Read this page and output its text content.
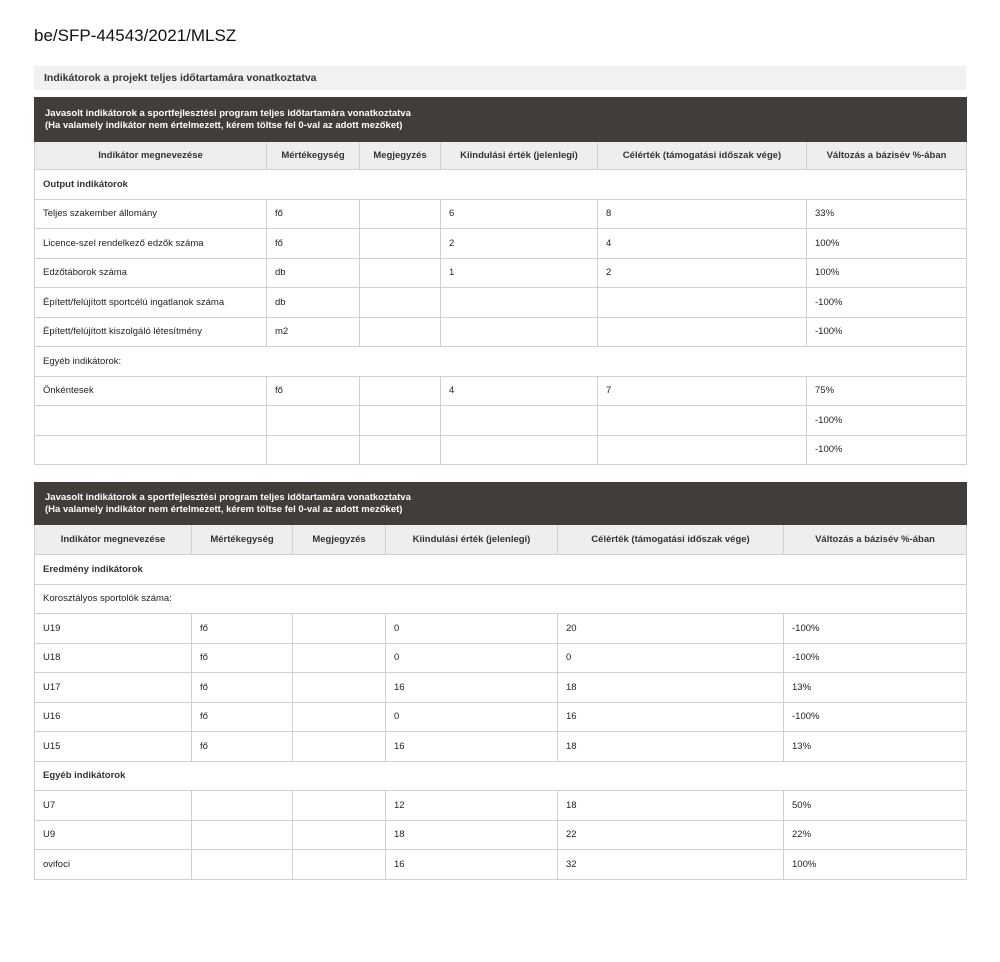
be/SFP-44543/2021/MLSZ
Indikátorok a projekt teljes időtartamára vonatkoztatva
Javasolt indikátorok a sportfejlesztési program teljes időtartamára vonatkoztatva
(Ha valamely indikátor nem értelmezett, kérem töltse fel 0-val az adott mezőket)					

Indikátor megnevezése	Mértékegység	Megjegyzés	Kiindulási érték (jelenlegi)	Célérték (támogatási időszak vége)	Változás a bázisév %-ában
Output indikátorok					
Teljes szakember állomány	fő		6	8	33%
Licence-szel rendelkező edzők száma	fő		2	4	100%
Edzőtáborok száma	db		1	2	100%
Épített/felújított sportcélú ingatlanok száma	db				-100%
Épített/felújított kiszolgáló létesítmény	m2				-100%
Egyéb indikátorok:					
Önkéntesek	fő		4	7	75%
					-100%
					-100%
Javasolt indikátorok a sportfejlesztési program teljes időtartamára vonatkoztatva
(Ha valamely indikátor nem értelmezett, kérem töltse fel 0-val az adott mezőket)					

Indikátor megnevezése	Mértékegység	Megjegyzés	Kiindulási érték (jelenlegi)	Célérték (támogatási időszak vége)	Változás a bázisév %-ában
Eredmény indikátorok					
Korosztályos sportolók száma:					
U19	fő		0	20	-100%
U18	fő		0	0	-100%
U17	fő		16	18	13%
U16	fő		0	16	-100%
U15	fő		16	18	13%
Egyéb indikátorok					
U7			12	18	50%
U9			18	22	22%
ovifoci			16	32	100%
